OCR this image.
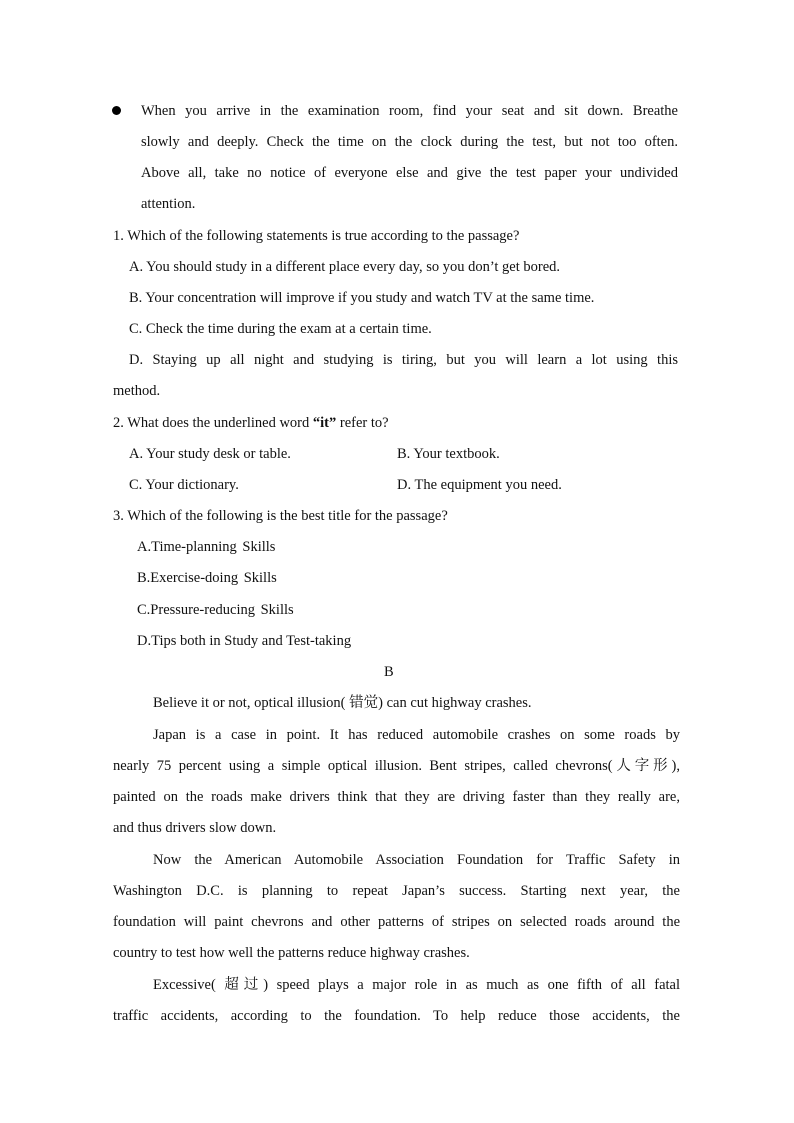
When you arrive in the examination room, find your seat and sit down. Breathe
slowly and deeply. Check the time on the clock during the test, but not too often.
Above all, take no notice of everyone else and give the test paper your undivided
attention.
1. Which of the following statements is true according to the passage?
A. You should study in a different place every day, so you don’t get bored.
B. Your concentration will improve if you study and watch TV at the same time.
C. Check the time during the exam at a certain time.
D. Staying up all night and studying is tiring, but you will learn a lot using this
method.
2. What does the underlined word “it” refer to?
A. Your study desk or table.	B. Your textbook.
C. Your dictionary.	D. The equipment you need.
3. Which of the following is the best title for the passage?
A.Time-planning Skills
B.Exercise-doing Skills
C.Pressure-reducing Skills
D.Tips both in Study and Test-taking
B
Believe it or not, optical illusion( 错觉) can cut highway crashes.
Japan is a case in point. It has reduced automobile crashes on some roads by
nearly 75 percent using a simple optical illusion. Bent stripes, called chevrons(人字形),
painted on the roads make drivers think that they are driving faster than they really are,
and thus drivers slow down.
Now the American Automobile Association Foundation for Traffic Safety in
Washington D.C. is planning to repeat Japan’s success. Starting next year, the
foundation will paint chevrons and other patterns of stripes on selected roads around the
country to test how well the patterns reduce highway crashes.
Excessive( 超过) speed plays a major role in as much as one fifth of all fatal
traffic accidents, according to the foundation. To help reduce those accidents, the
